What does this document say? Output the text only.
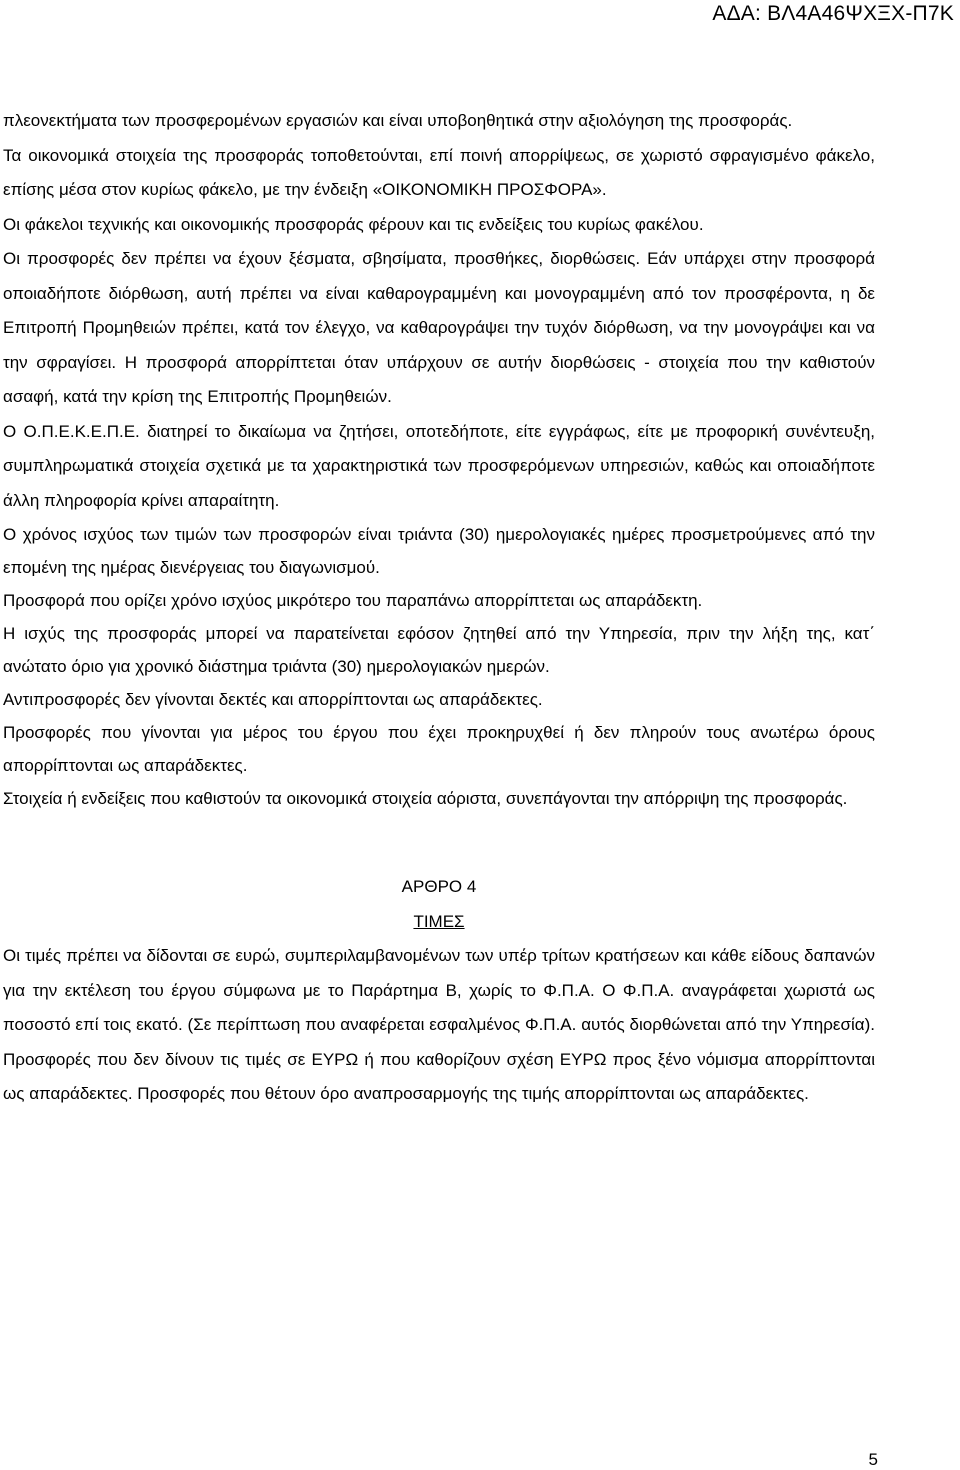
ΑΔΑ: ΒΛ4Α46ΨΧΞΧ-Π7Κ

πλεονεκτήματα των προσφερομένων εργασιών και είναι υποβοηθητικά στην αξιολόγηση της προσφοράς.

Τα οικονομικά στοιχεία της προσφοράς τοποθετούνται, επί ποινή απορρίψεως, σε χωριστό σφραγισμένο φάκελο, επίσης μέσα στον κυρίως φάκελο, με την ένδειξη «ΟΙΚΟΝΟΜΙΚΗ ΠΡΟΣΦΟΡΑ».

Οι φάκελοι τεχνικής και οικονομικής προσφοράς φέρουν και τις ενδείξεις του κυρίως φακέλου.

Οι προσφορές δεν πρέπει να έχουν ξέσματα, σβησίματα, προσθήκες, διορθώσεις. Εάν υπάρχει στην προσφορά οποιαδήποτε διόρθωση, αυτή πρέπει να είναι καθαρογραμμένη και μονογραμμένη από τον προσφέροντα, η δε Επιτροπή Προμηθειών πρέπει, κατά τον έλεγχο, να καθαρογράψει την τυχόν διόρθωση, να την μονογράψει και να την σφραγίσει. Η προσφορά απορρίπτεται όταν υπάρχουν σε αυτήν διορθώσεις - στοιχεία που την καθιστούν ασαφή, κατά την κρίση της Επιτροπής Προμηθειών.

Ο Ο.Π.Ε.Κ.Ε.Π.Ε. διατηρεί το δικαίωμα να ζητήσει, οποτεδήποτε, είτε εγγράφως, είτε με προφορική συνέντευξη, συμπληρωματικά στοιχεία σχετικά με τα χαρακτηριστικά των προσφερόμενων υπηρεσιών, καθώς και οποιαδήποτε άλλη πληροφορία κρίνει απαραίτητη.

Ο χρόνος ισχύος των τιμών των προσφορών είναι τριάντα (30) ημερολογιακές ημέρες προσμετρούμενες από την επομένη της ημέρας διενέργειας του διαγωνισμού.

Προσφορά που ορίζει χρόνο ισχύος μικρότερο του παραπάνω απορρίπτεται ως απαράδεκτη.

Η ισχύς της προσφοράς μπορεί να παρατείνεται εφόσον ζητηθεί από την Υπηρεσία, πριν την λήξη της, κατ΄ ανώτατο όριο για χρονικό διάστημα τριάντα (30) ημερολογιακών ημερών.

Αντιπροσφορές δεν γίνονται δεκτές και απορρίπτονται ως απαράδεκτες.

Προσφορές που γίνονται για μέρος του έργου που έχει προκηρυχθεί ή δεν πληρούν τους ανωτέρω όρους απορρίπτονται ως απαράδεκτες.

Στοιχεία ή ενδείξεις που καθιστούν τα οικονομικά στοιχεία αόριστα, συνεπάγονται την απόρριψη της προσφοράς.

ΑΡΘΡΟ 4
ΤΙΜΕΣ

Οι τιμές πρέπει να δίδονται σε ευρώ, συμπεριλαμβανομένων των υπέρ τρίτων κρατήσεων και κάθε είδους δαπανών για την εκτέλεση του έργου σύμφωνα με το Παράρτημα Β, χωρίς το Φ.Π.Α. Ο Φ.Π.Α. αναγράφεται χωριστά ως ποσοστό επί τοις εκατό. (Σε περίπτωση που αναφέρεται εσφαλμένος Φ.Π.Α. αυτός διορθώνεται από την Υπηρεσία). Προσφορές που δεν δίνουν τις τιμές σε ΕΥΡΩ ή που καθορίζουν σχέση ΕΥΡΩ προς ξένο νόμισμα απορρίπτονται ως απαράδεκτες. Προσφορές που θέτουν όρο αναπροσαρμογής της τιμής απορρίπτονται ως απαράδεκτες.

5
